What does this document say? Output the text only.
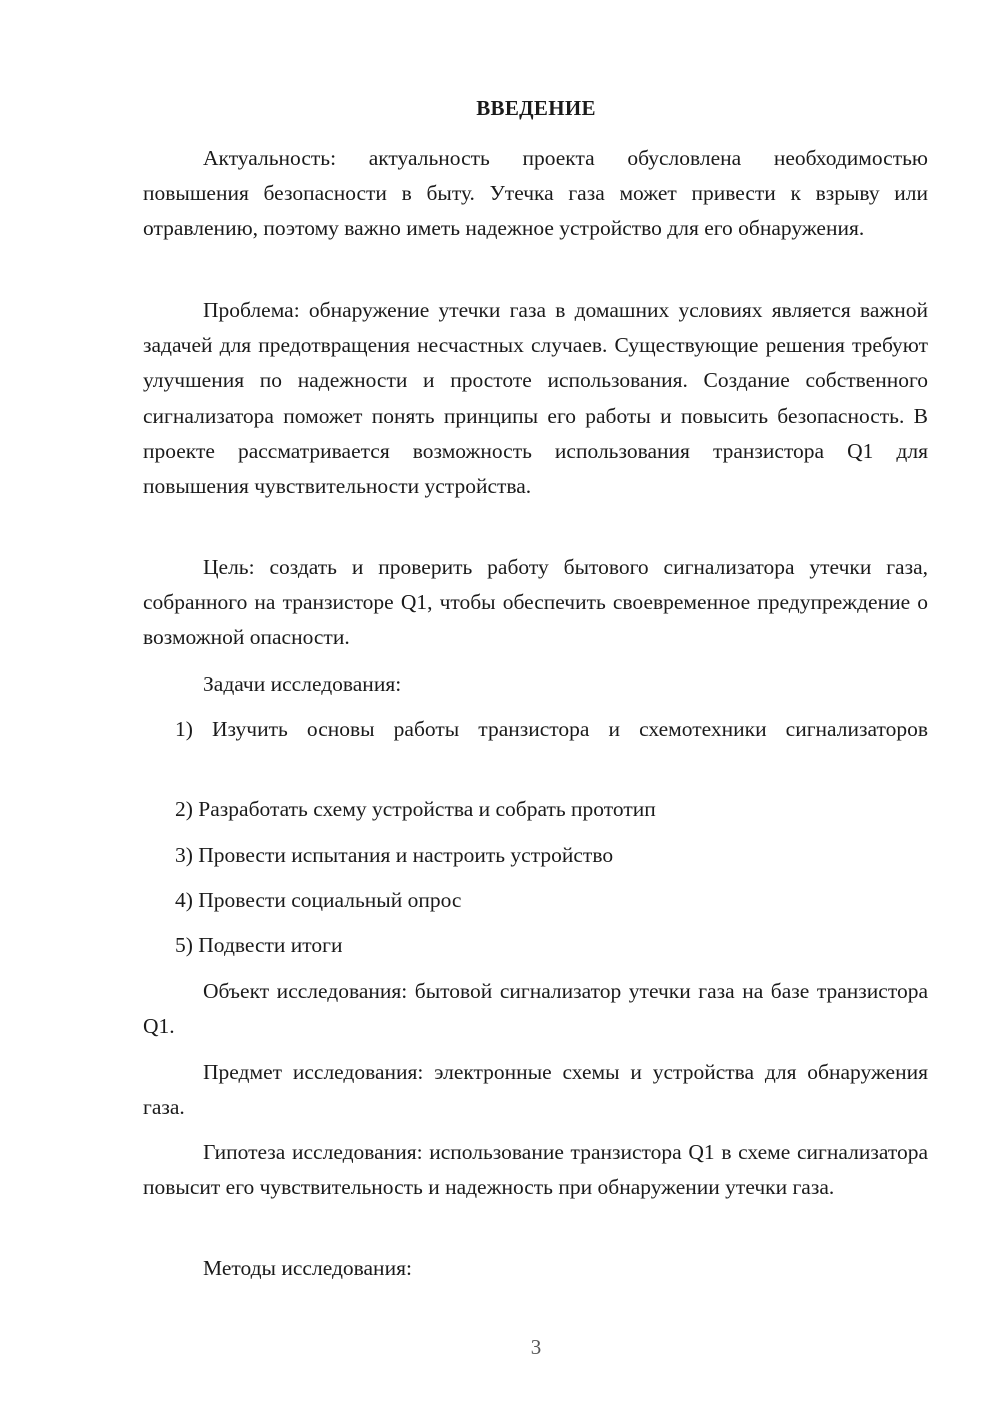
ВВЕДЕНИЕ
Актуальность: актуальность проекта обусловлена необходимостью повышения безопасности в быту. Утечка газа может привести к взрыву или отравлению, поэтому важно иметь надежное устройство для его обнаружения.
Проблема: обнаружение утечки газа в домашних условиях является важной задачей для предотвращения несчастных случаев. Существующие решения требуют улучшения по надежности и простоте использования. Создание собственного сигнализатора поможет понять принципы его работы и повысить безопасность. В проекте рассматривается возможность использования транзистора Q1 для повышения чувствительности устройства.
Цель: создать и проверить работу бытового сигнализатора утечки газа, собранного на транзисторе Q1, чтобы обеспечить своевременное предупреждение о возможной опасности.
Задачи исследования:
1) Изучить основы работы транзистора и схемотехники сигнализаторов
2) Разработать схему устройства и собрать прототип
3) Провести испытания и настроить устройство
4) Провести социальный опрос
5) Подвести итоги
Объект исследования: бытовой сигнализатор утечки газа на базе транзистора Q1.
Предмет исследования: электронные схемы и устройства для обнаружения газа.
Гипотеза исследования: использование транзистора Q1 в схеме сигнализатора повысит его чувствительность и надежность при обнаружении утечки газа.
Методы исследования:
3
